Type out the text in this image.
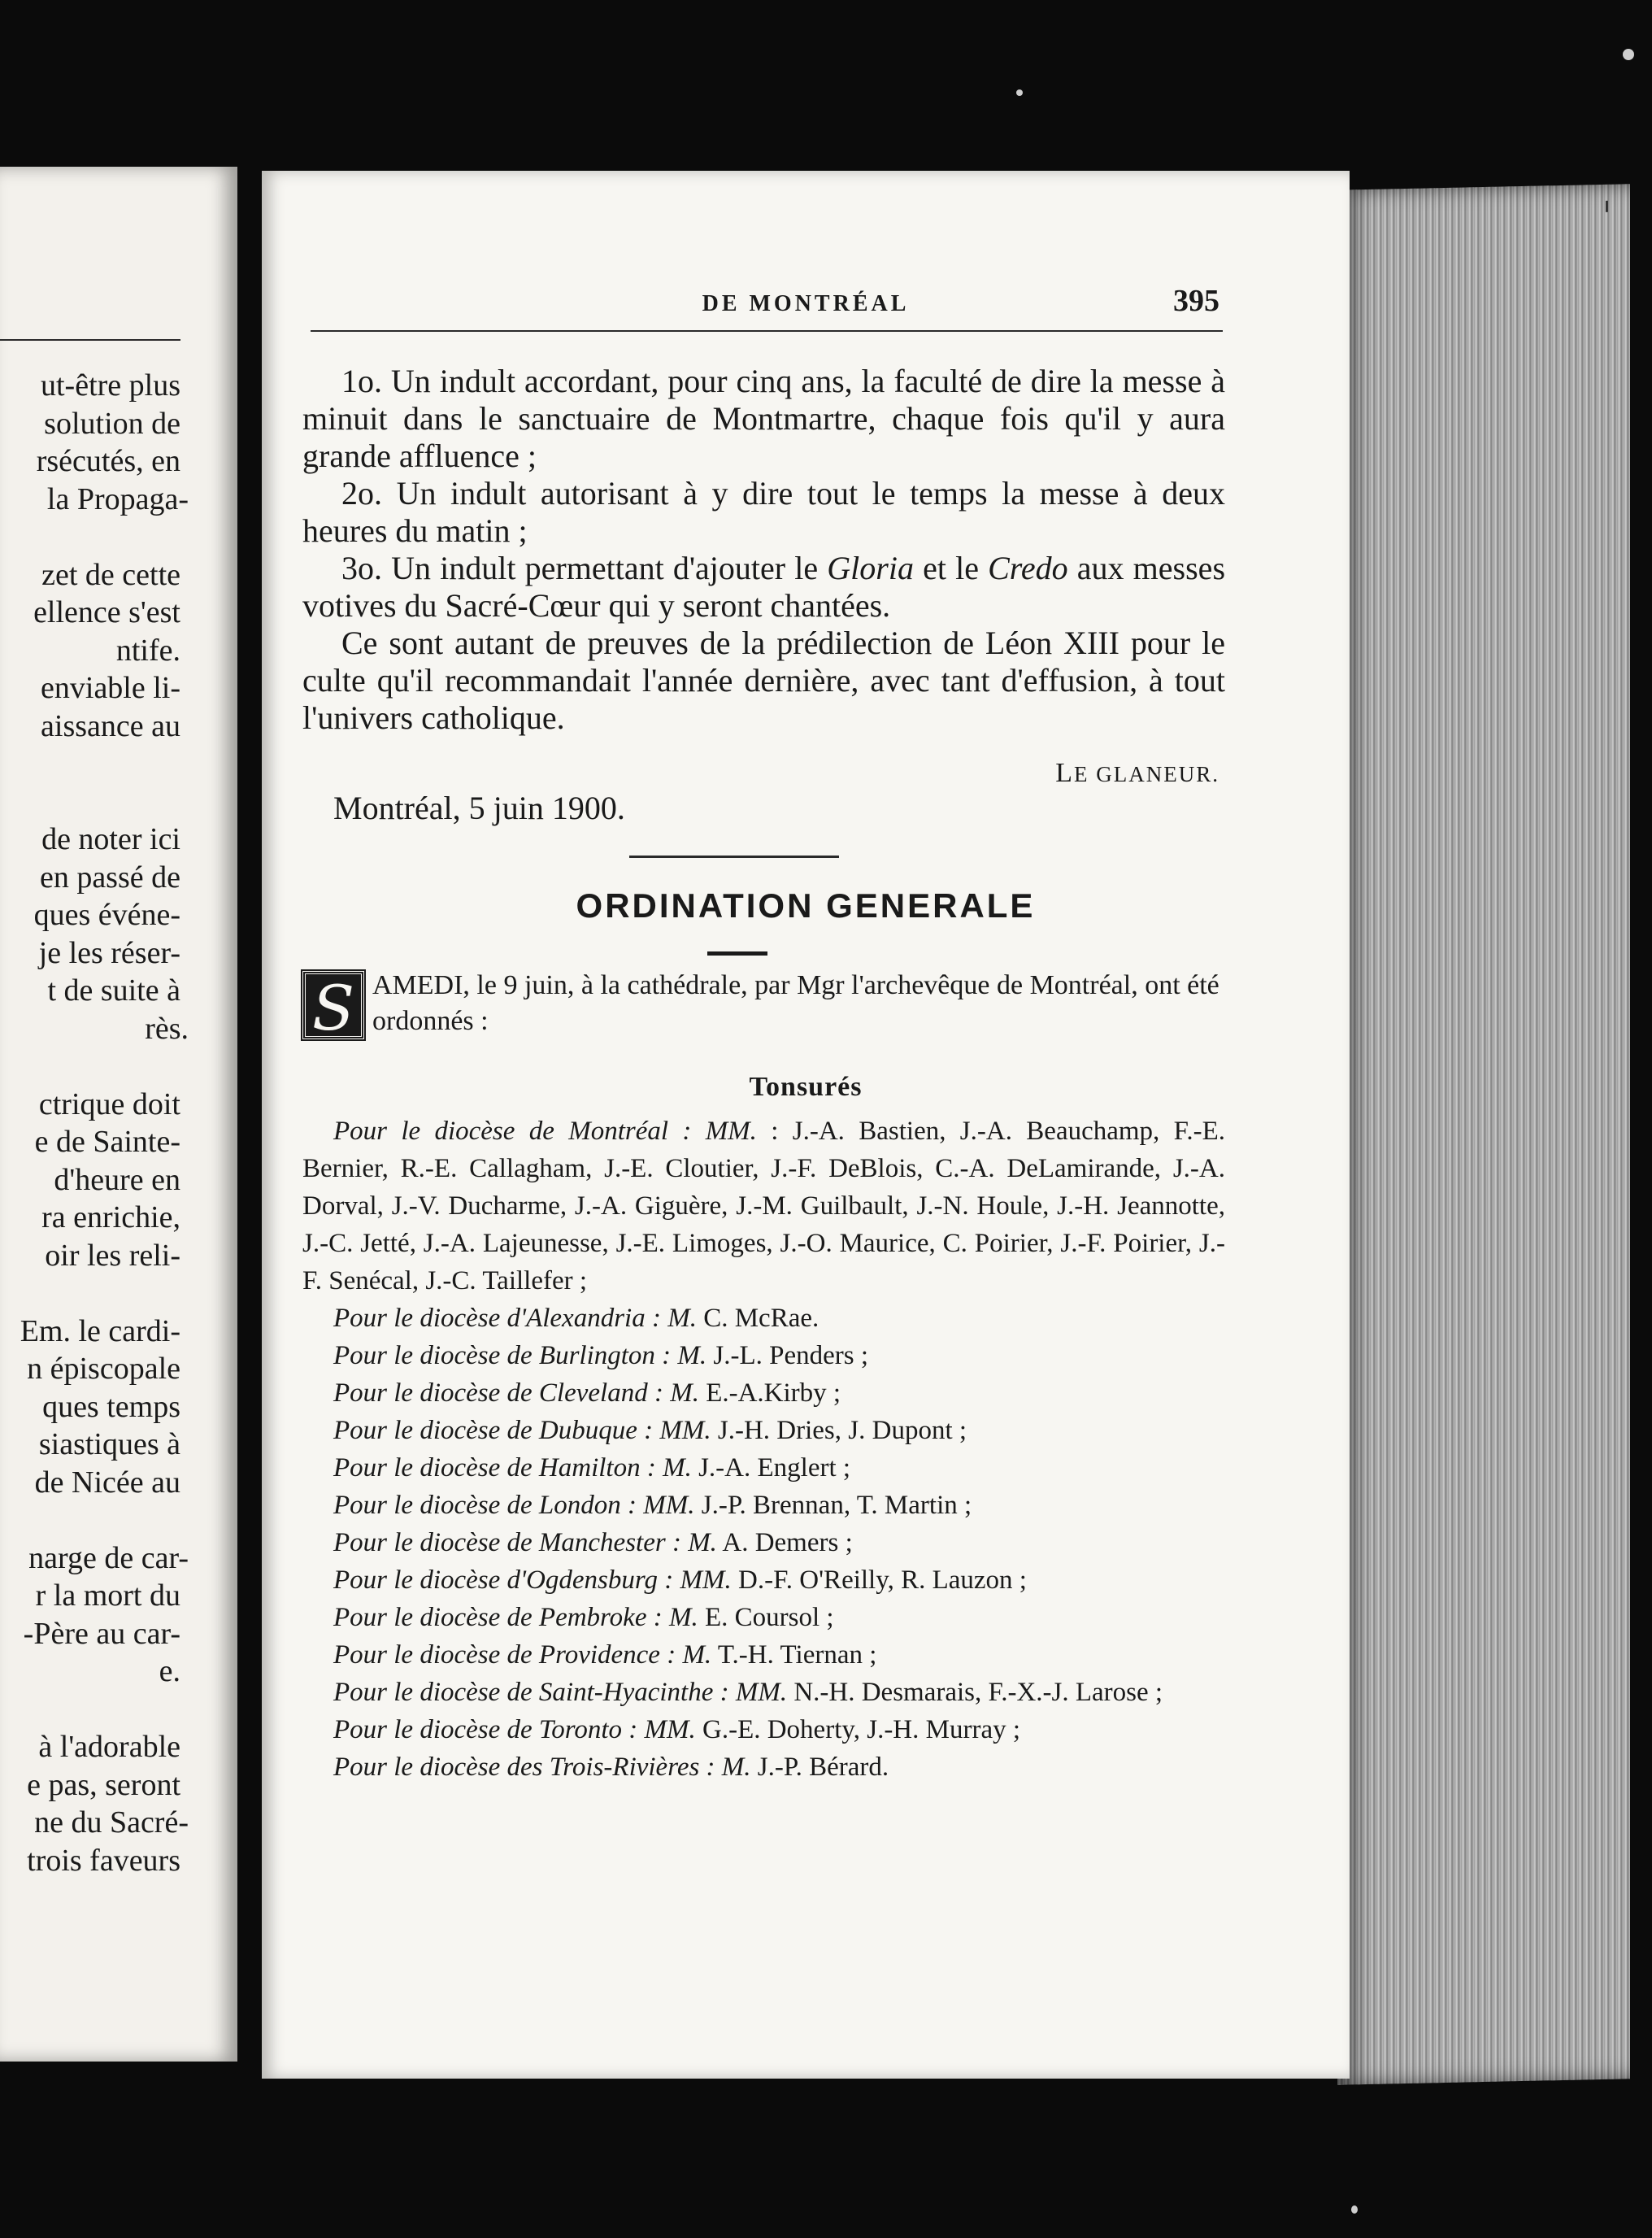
ut-être plus
solution de
rsécutés, en
la Propaga-
zet de cette
ellence s'est
ntife.
enviable li-
aissance au
de noter ici
en passé de
ques événe-
je les réser-
t de suite à
rès.
ctrique doit
e de Sainte-
d'heure en
ra enrichie,
oir les reli-
Em. le cardi-
n épiscopale
ques temps
siastiques à
de Nicée au
narge de car-
r la mort du
-Père au car-
e.
à l'adorable
e pas, seront
ne du Sacré-
trois faveurs
DE MONTRÉAL	395

1o. Un indult accordant, pour cinq ans, la faculté de dire la messe à minuit dans le sanctuaire de Montmartre, chaque fois qu'il y aura grande affluence ;

2o. Un indult autorisant à y dire tout le temps la messe à deux heures du matin ;

3o. Un indult permettant d'ajouter le Gloria et le Credo aux messes votives du Sacré-Cœur qui y seront chantées.

Ce sont autant de preuves de la prédilection de Léon XIII pour le culte qu'il recommandait l'année dernière, avec tant d'effusion, à tout l'univers catholique.

LE GLANEUR.
Montréal, 5 juin 1900.
ORDINATION GENERALE
S AMEDI, le 9 juin, à la cathédrale, par Mgr l'archevêque de Montréal, ont été ordonnés :
Tonsurés

Pour le diocèse de Montréal : MM. : J.-A. Bastien, J.-A. Beauchamp, F.-E. Bernier, R.-E. Callagham, J.-E. Cloutier, J.-F. DeBlois, C.-A. DeLamirande, J.-A. Dorval, J.-V. Ducharme, J.-A. Giguère, J.-M. Guilbault, J.-N. Houle, J.-H. Jeannotte, J.-C. Jetté, J.-A. Lajeunesse, J.-E. Limoges, J.-O. Maurice, C. Poirier, J.-F. Poirier, J.-F. Senécal, J.-C. Taillefer ;

Pour le diocèse d'Alexandria : M. C. McRae.

Pour le diocèse de Burlington : M. J.-L. Penders ;

Pour le diocèse de Cleveland : M. E.-A.Kirby ;

Pour le diocèse de Dubuque : MM. J.-H. Dries, J. Dupont ;

Pour le diocèse de Hamilton : M. J.-A. Englert ;

Pour le diocèse de London : MM. J.-P. Brennan, T. Martin ;

Pour le diocèse de Manchester : M. A. Demers ;

Pour le diocèse d'Ogdensburg : MM. D.-F. O'Reilly, R. Lauzon ;

Pour le diocèse de Pembroke : M. E. Coursol ;

Pour le diocèse de Providence : M. T.-H. Tiernan ;

Pour le diocèse de Saint-Hyacinthe : MM. N.-H. Desmarais, F.-X.-J. Larose ;

Pour le diocèse de Toronto : MM. G.-E. Doherty, J.-H. Murray ;

Pour le diocèse des Trois-Rivières : M. J.-P. Bérard.
